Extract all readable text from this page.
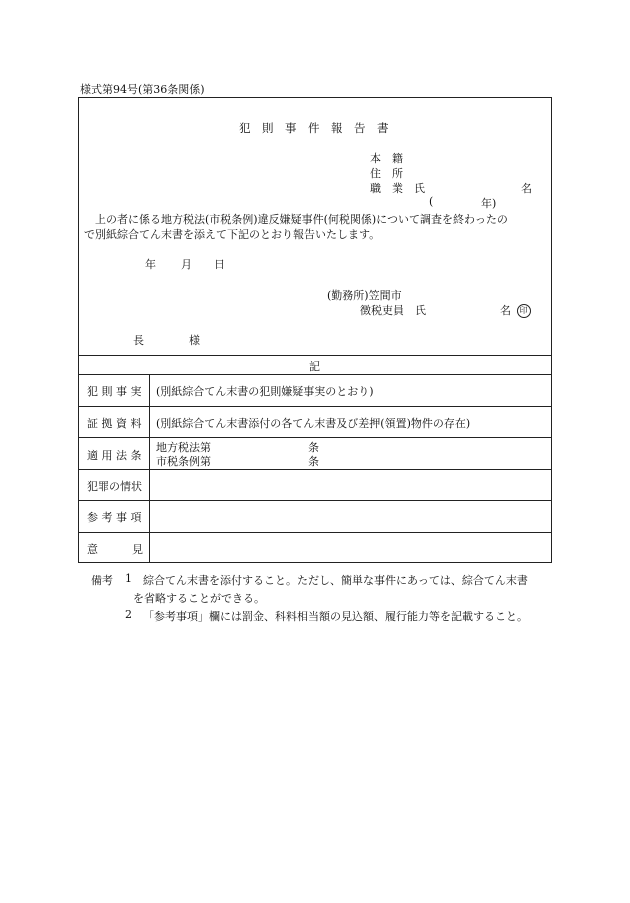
様式第94号(第36条関係)
犯　則　事　件　報　告　書
本　籍
住　所
職　業　氏	名
(	年)
上の者に係る地方税法(市税条例)違反嫌疑事件(何税関係)について調査を終わったの
で別紙綜合てん末書を添えて下記のとおり報告いたします。
年 月 日
(勤務所)笠間市
徴税吏員　氏	名 印
長	様
記
犯 則 事 実 (別紙綜合てん末書の犯則嫌疑事実のとおり)
証 拠 資 料 (別紙綜合てん末書添付の各てん末書及び差押(領置)物件の存在)
適 用 法 条
地方税法第	条
市税条例第	条
犯罪の情状
参 考 事 項
意	見
備考 1 綜合てん末書を添付すること。ただし、簡単な事件にあっては、綜合てん末書
を省略することができる。
2 「参考事項」欄には罰金、科料相当額の見込額、履行能力等を記載すること。
